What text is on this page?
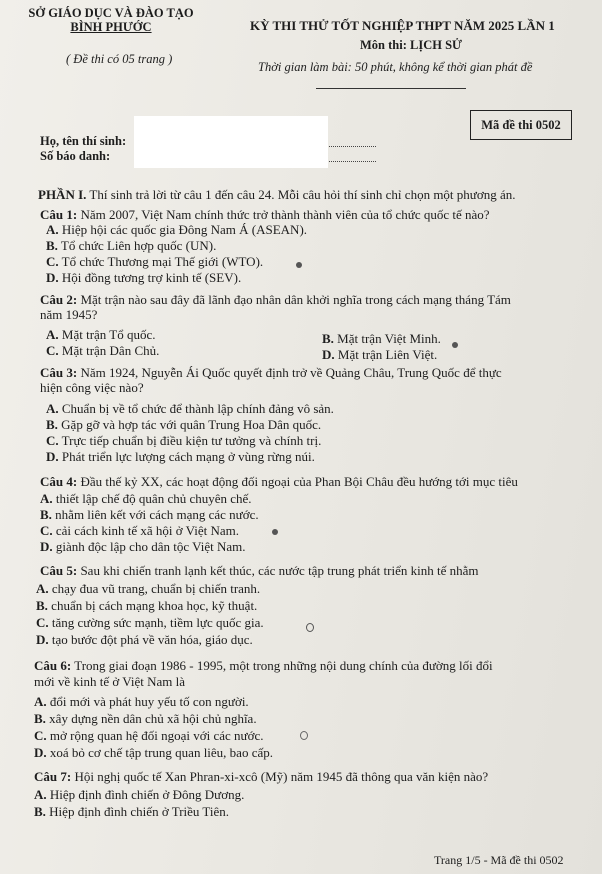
SỞ GIÁO DỤC VÀ ĐÀO TẠO
BÌNH PHƯỚC
( Đề thi có 05 trang )
KỲ THI THỬ TỐT NGHIỆP THPT NĂM 2025 LẦN 1
Môn thi: LỊCH SỬ
Thời gian làm bài: 50 phút, không kể thời gian phát đề
Mã đề thi 0502
Họ, tên thí sinh:
Số báo danh:
PHẦN I. Thí sinh trả lời từ câu 1 đến câu 24. Mỗi câu hỏi thí sinh chỉ chọn một phương án.
Câu 1: Năm 2007, Việt Nam chính thức trở thành thành viên của tổ chức quốc tế nào?
A. Hiệp hội các quốc gia Đông Nam Á (ASEAN).
B. Tổ chức Liên hợp quốc (UN).
C. Tổ chức Thương mại Thế giới (WTO).
D. Hội đồng tương trợ kinh tế (SEV).
Câu 2: Mặt trận nào sau đây đã lãnh đạo nhân dân khởi nghĩa trong cách mạng tháng Tám
năm 1945?
A. Mặt trận Tổ quốc.	B. Mặt trận Việt Minh.
C. Mặt trận Dân Chủ.	D. Mặt trận Liên Việt.
Câu 3: Năm 1924, Nguyễn Ái Quốc quyết định trở về Quảng Châu, Trung Quốc để thực
hiện công việc nào?
A. Chuẩn bị về tổ chức để thành lập chính đảng vô sản.
B. Gặp gỡ và hợp tác với quân Trung Hoa Dân quốc.
C. Trực tiếp chuẩn bị điều kiện tư tưởng và chính trị.
D. Phát triển lực lượng cách mạng ở vùng rừng núi.
Câu 4: Đầu thế kỷ XX, các hoạt động đối ngoại của Phan Bội Châu đều hướng tới mục tiêu
A. thiết lập chế độ quân chủ chuyên chế.
B. nhằm liên kết với cách mạng các nước.
C. cải cách kinh tế xã hội ở Việt Nam.
D. giành độc lập cho dân tộc Việt Nam.
Câu 5: Sau khi chiến tranh lạnh kết thúc, các nước tập trung phát triển kinh tế nhằm
A. chạy đua vũ trang, chuẩn bị chiến tranh.
B. chuẩn bị cách mạng khoa học, kỹ thuật.
C. tăng cường sức mạnh, tiềm lực quốc gia.
D. tạo bước đột phá về văn hóa, giáo dục.
Câu 6: Trong giai đoạn 1986 - 1995, một trong những nội dung chính của đường lối đổi
mới về kinh tế ở Việt Nam là
A. đổi mới và phát huy yếu tố con người.
B. xây dựng nền dân chủ xã hội chủ nghĩa.
C. mở rộng quan hệ đối ngoại với các nước.
D. xoá bỏ cơ chế tập trung quan liêu, bao cấp.
Câu 7: Hội nghị quốc tế Xan Phran-xi-xcô (Mỹ) năm 1945 đã thông qua văn kiện nào?
A. Hiệp định đình chiến ở Đông Dương.
B. Hiệp định đình chiến ở Triều Tiên.
Trang 1/5 - Mã đề thi 0502
